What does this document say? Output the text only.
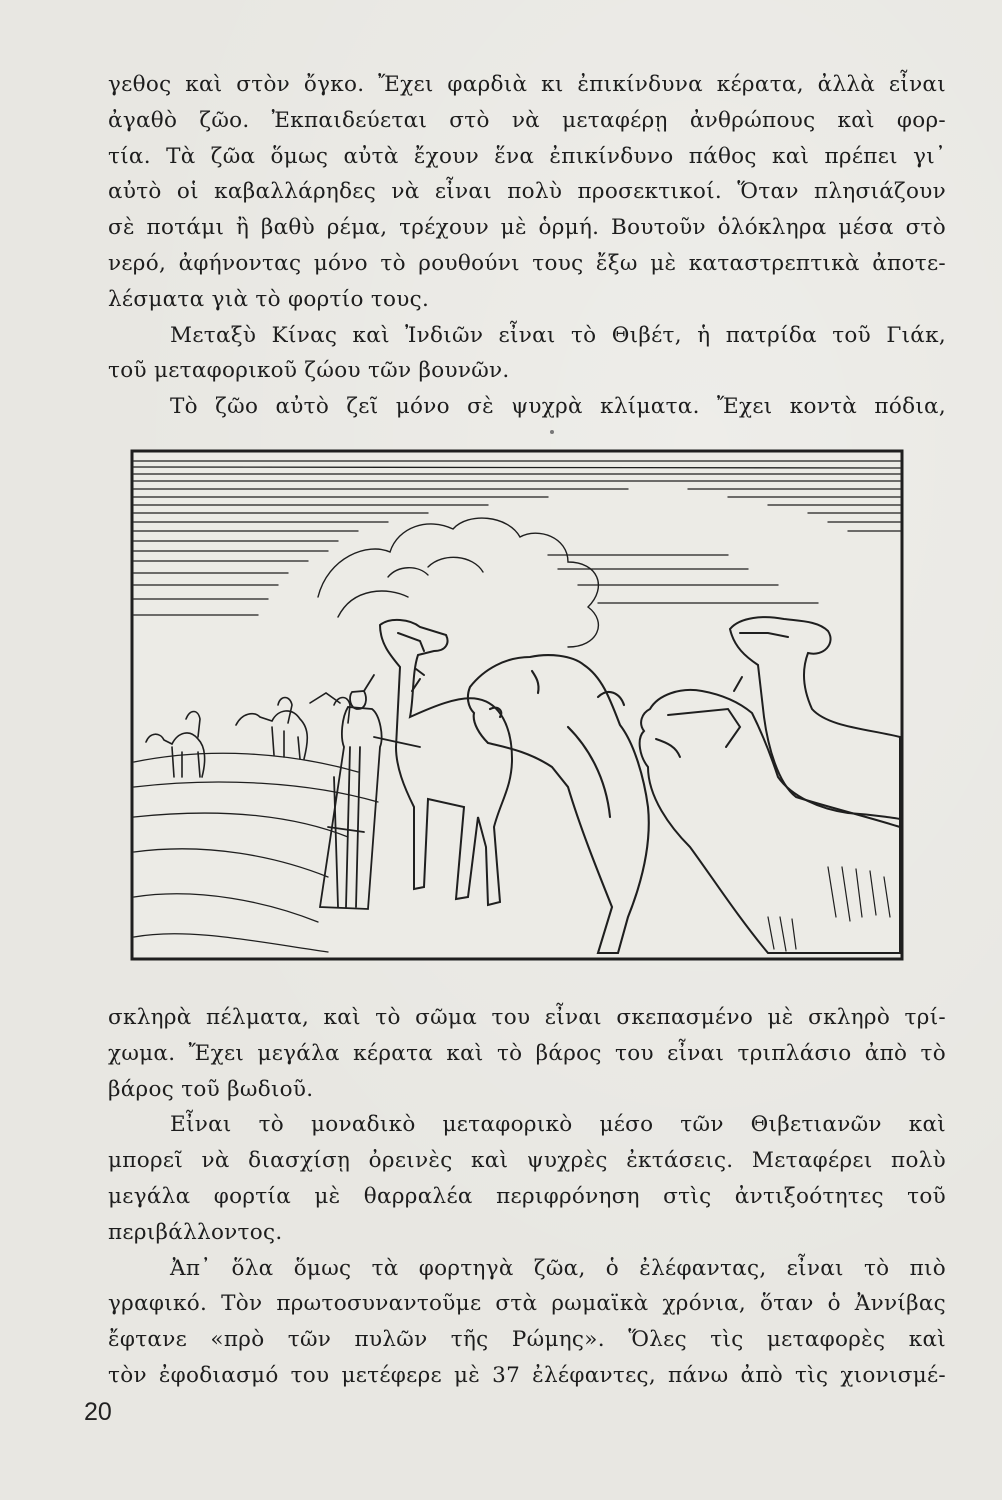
γεθος καὶ στὸν ὄγκο. Ἔχει φαρδιὰ κι ἐπικίνδυνα κέρατα, ἀλλὰ εἶναι
ἀγαθὸ ζῶο. Ἐκπαιδεύεται στὸ νὰ μεταφέρῃ ἀνθρώπους καὶ φορ-
τία. Τὰ ζῶα ὅμως αὐτὰ ἔχουν ἕνα ἐπικίνδυνο πάθος καὶ πρέπει γι᾽
αὐτὸ οἱ καβαλλάρηδες νὰ εἶναι πολὺ προσεκτικοί. Ὅταν πλησιάζουν
σὲ ποτάμι ἢ βαθὺ ρέμα, τρέχουν μὲ ὁρμή. Βουτοῦν ὁλόκληρα μέσα στὸ
νερό, ἀφήνοντας μόνο τὸ ρουθούνι τους ἔξω μὲ καταστρεπτικὰ ἀποτε-
λέσματα γιὰ τὸ φορτίο τους.
Μεταξὺ Κίνας καὶ Ἰνδιῶν εἶναι τὸ Θιβέτ, ἡ πατρίδα τοῦ Γιάκ,
τοῦ μεταφορικοῦ ζώου τῶν βουνῶν.
Τὸ ζῶο αὐτὸ ζεῖ μόνο σὲ ψυχρὰ κλίματα. Ἔχει κοντὰ πόδια,
σκληρὰ πέλματα, καὶ τὸ σῶμα του εἶναι σκεπασμένο μὲ σκληρὸ τρί-
χωμα. Ἔχει μεγάλα κέρατα καὶ τὸ βάρος του εἶναι τριπλάσιο ἀπὸ τὸ
βάρος τοῦ βωδιοῦ.
Εἶναι τὸ μοναδικὸ μεταφορικὸ μέσο τῶν Θιβετιανῶν καὶ
μπορεῖ νὰ διασχίσῃ ὀρεινὲς καὶ ψυχρὲς ἐκτάσεις. Μεταφέρει πολὺ
μεγάλα φορτία μὲ θαρραλέα περιφρόνηση στὶς ἀντιξοότητες τοῦ
περιβάλλοντος.
Ἀπ᾽ ὅλα ὅμως τὰ φορτηγὰ ζῶα, ὁ ἐλέφαντας, εἶναι τὸ πιὸ
γραφικό. Τὸν πρωτοσυναντοῦμε στὰ ρωμαϊκὰ χρόνια, ὅταν ὁ Ἀννίβας
ἔφτανε «πρὸ τῶν πυλῶν τῆς Ρώμης». Ὅλες τὶς μεταφορὲς καὶ
τὸν ἐφοδιασμό του μετέφερε μὲ 37 ἐλέφαντες, πάνω ἀπὸ τὶς χιονισμέ-
20
